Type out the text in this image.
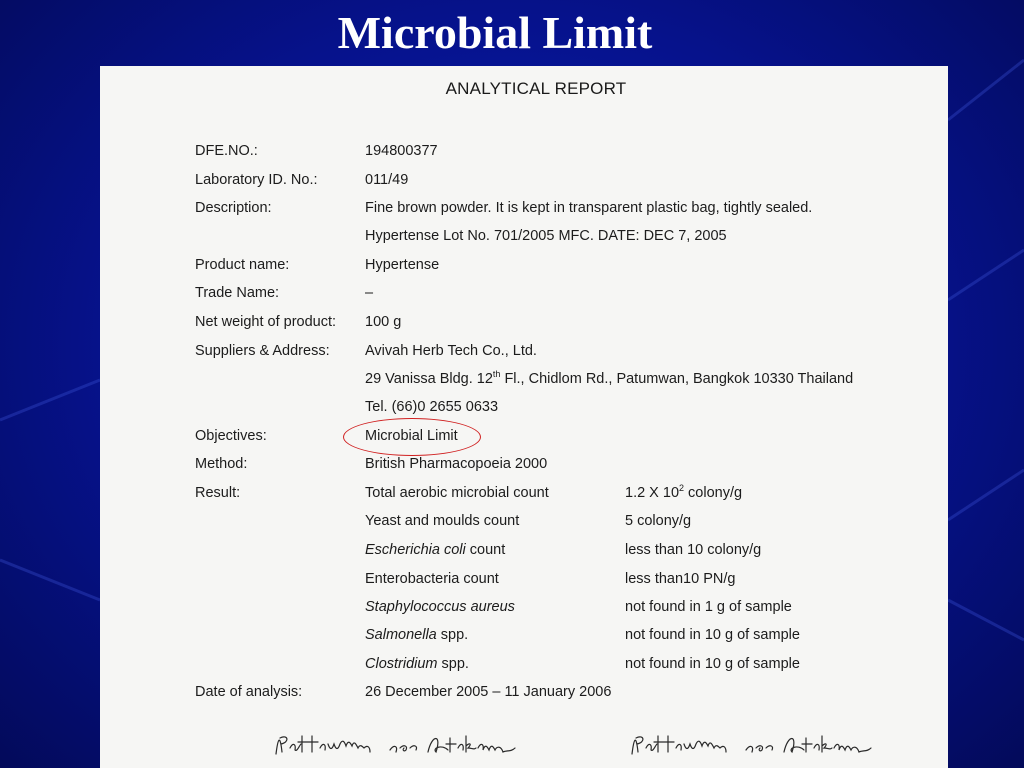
Microbial Limit
ANALYTICAL REPORT
DFE.NO.:	194800377
Laboratory ID. No.:	011/49
Description:	Fine brown powder. It is kept in transparent plastic bag, tightly sealed.
Hypertense Lot No. 701/2005 MFC. DATE: DEC 7, 2005
Product name:	Hypertense
Trade Name:	–
Net weight of product: 100 g
Suppliers & Address: Avivah Herb Tech Co., Ltd.
29 Vanissa Bldg. 12th Fl., Chidlom Rd., Patumwan, Bangkok 10330 Thailand
Tel. (66)0 2655 0633
Objectives:	Microbial Limit
Method:	British Pharmacopoeia 2000
Result:	Total aerobic microbial count	1.2 X $10^2$ colony/g
Yeast and moulds count	5 colony/g
Escherichia coli count	less than 10 colony/g
Enterobacteria count	less than10 PN/g
Staphylococcus aureus	not found in 1 g of sample
Salmonella spp.	not found in 10 g of sample
Clostridium spp.	not found in 10 g of sample
Date of analysis:	26 December 2005 – 11 January 2006
